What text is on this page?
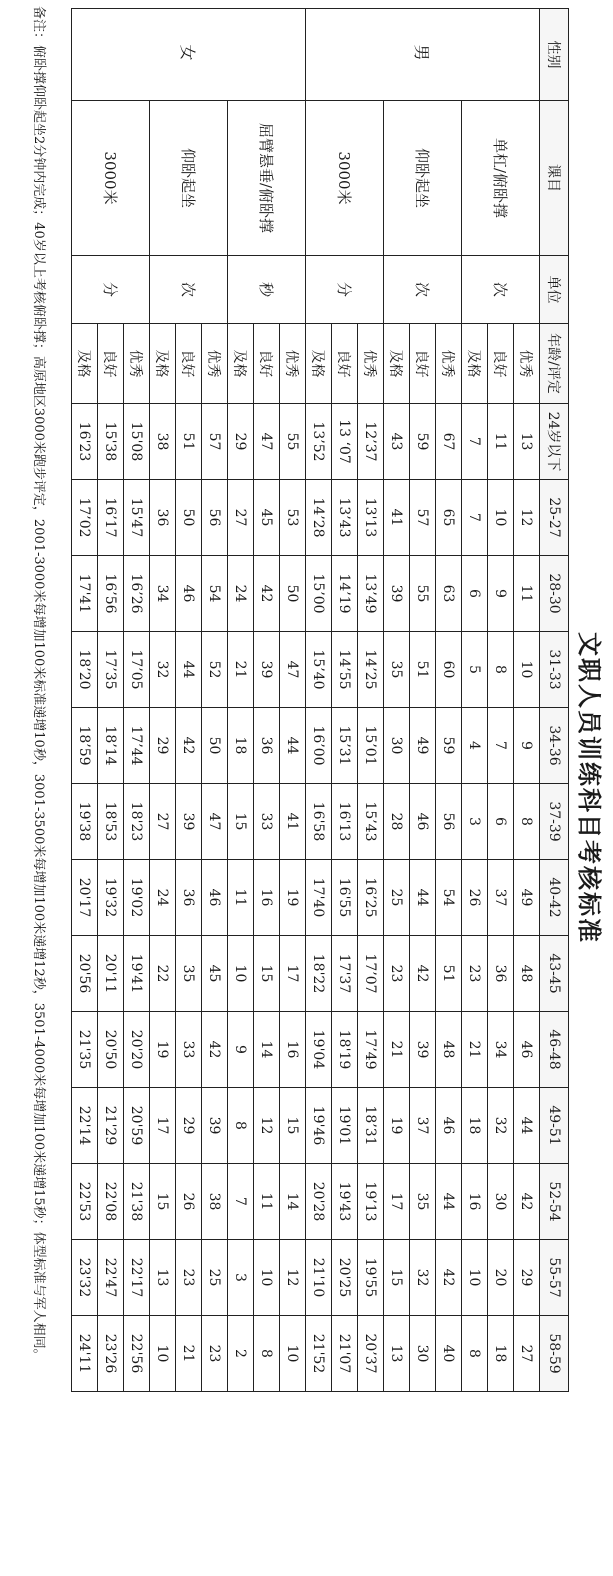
文职人员训练科目考核标准
性别	课目	单位	年龄/评定	24岁以下	25-27	28-30	31-33	34-36	37-39	40-42	43-45	46-48	49-51	52-54	55-57	58-59
男	单杠/俯卧撑	次	优秀	13	12	11	10	9	8	49	48	46	44	42	29	27
			良好	11	10	9	8	7	6	37	36	34	32	30	20	18
			及格	7	7	6	5	4	3	26	23	21	18	16	10	8
	仰卧起坐	次	优秀	67	65	63	60	59	56	54	51	48	46	44	42	40
			良好	59	57	55	51	49	46	44	42	39	37	35	32	30
			及格	43	41	39	35	30	28	25	23	21	19	17	15	13
	3000米	分	优秀	12’37	13'13	13’49	14’25	15’01	15’43	16’25	17’07	17’49	18’31	19’13	19'55	20’37
			良好	13 ‘07	13’43	14’19	14’55	15’31	16'13	16'55	17'37	18'19	19'01	19'43	20'25	21'07
			及格	13’52	14’28	15’00	15’40	16’00	16'58	17'40	18'22	19'04	19'46	20'28	21'10	21'52
女	屈臂悬垂/俯卧撑	秒	优秀	55	53	50	47	44	41	19	17	16	15	14	12	10
			良好	47	45	42	39	36	33	16	15	14	12	11	10	8
			及格	29	27	24	21	18	15	11	10	9	8	7	3	2
	仰卧起坐	次	优秀	57	56	54	52	50	47	46	45	42	39	38	25	23
			良好	51	50	46	44	42	39	36	35	33	29	26	23	21
			及格	38	36	34	32	29	27	24	22	19	17	15	13	10
	3000米	分	优秀	15'08	15'47	16’26	17’05	17’44	18'23	19'02	19'41	20'20	20'59	21'38	22'17	22'56
			良好	15'38	16’17	16’56	17’35	18’14	18'53	19'32	20'11	20'50	21'29	22'08	22'47	23'26
			及格	16'23	17’02	17'41	18’20	18’59	19'38	20'17	20'56	21'35	22'14	22'53	23'32	24'11
备注：俯卧撑仰卧起坐2分钟内完成；40岁以上考核俯卧撑；高原地区3000米跑步评定，2001-3000米每增加100米标准递增10秒，3001-3500米每增加100米递增12秒，3501-4000米每增加100米递增15秒；体型标准与军人相同。
